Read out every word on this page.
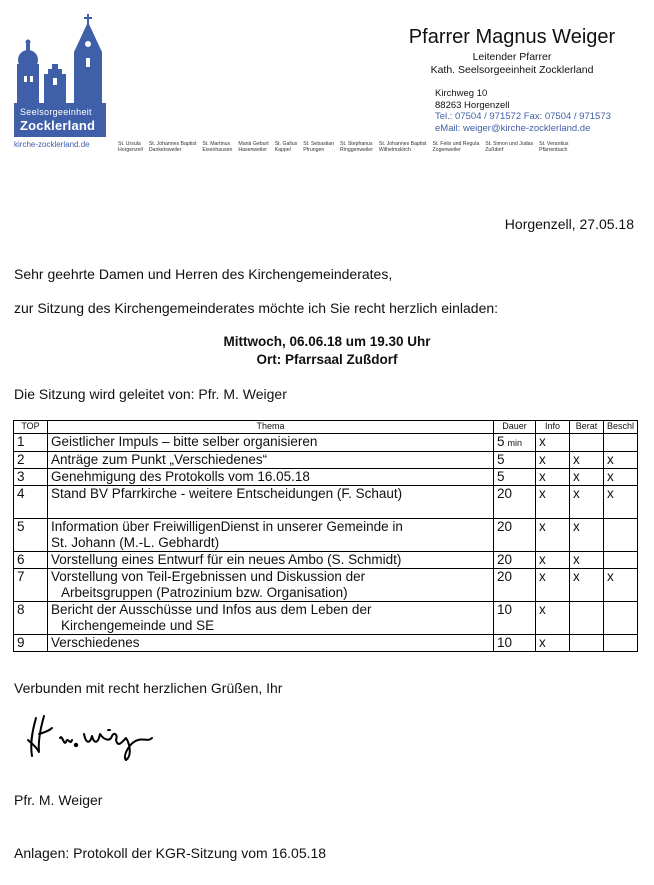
Seelsorgeeinheit
Zocklerland
kirche-zocklerland.de
Pfarrer Magnus Weiger
Leitender Pfarrer
Kath. Seelsorgeeinheit Zocklerland
Kirchweg 10
88263 Horgenzell
Tel.: 07504 / 971572 Fax: 07504 / 971573
eMail: weiger@kirche-zocklerland.de
St. Ursula
Horgenzell
St. Johannes Baptist
Danketsweiler
St. Martinus
Eisenhausen
Mariä Geburt
Hasenweiler
St. Gallus
Kappel
St. Sebastian
Pfrungen
St. Stephanus
Ringgenweiler
St. Johannes Baptist
Wilhelmskirch
St. Felix und Regula
Zogenweiler
St. Simon und Judas
Zußdorf
St. Verantius
Pfärrenbach
Horgenzell, 27.05.18
Sehr geehrte Damen und Herren des Kirchengemeinderates,
zur Sitzung des Kirchengemeinderates möchte ich Sie recht herzlich einladen:
Mittwoch, 06.06.18 um 19.30 Uhr
Ort: Pfarrsaal Zußdorf
Die Sitzung wird geleitet von: Pfr. M. Weiger
TOP	Thema	Dauer	Info	Berat	Beschl
1	Geistlicher Impuls – bitte selber organisieren	5 min	x		
2	Anträge zum Punkt „Verschiedenes“	5	x	x	x
3	Genehmigung des Protokolls vom 16.05.18	5	x	x	x
4	Stand BV Pfarrkirche - weitere Entscheidungen (F. Schaut)	20	x	x	x
5	Information über FreiwilligenDienst in unserer Gemeinde in
St. Johann (M.-L. Gebhardt)	20	x	x	
6	Vorstellung eines Entwurf für ein neues Ambo (S. Schmidt)	20	x	x	
7	Vorstellung von Teil-Ergebnissen und Diskussion der
Arbeitsgruppen (Patrozinium bzw. Organisation)	20	x	x	x
8	Bericht der Ausschüsse und Infos aus dem Leben der
Kirchengemeinde und SE	10	x		
9	Verschiedenes	10	x		
Verbunden mit recht herzlichen Grüßen, Ihr
Pfr. M. Weiger
Anlagen: Protokoll der KGR-Sitzung vom 16.05.18
